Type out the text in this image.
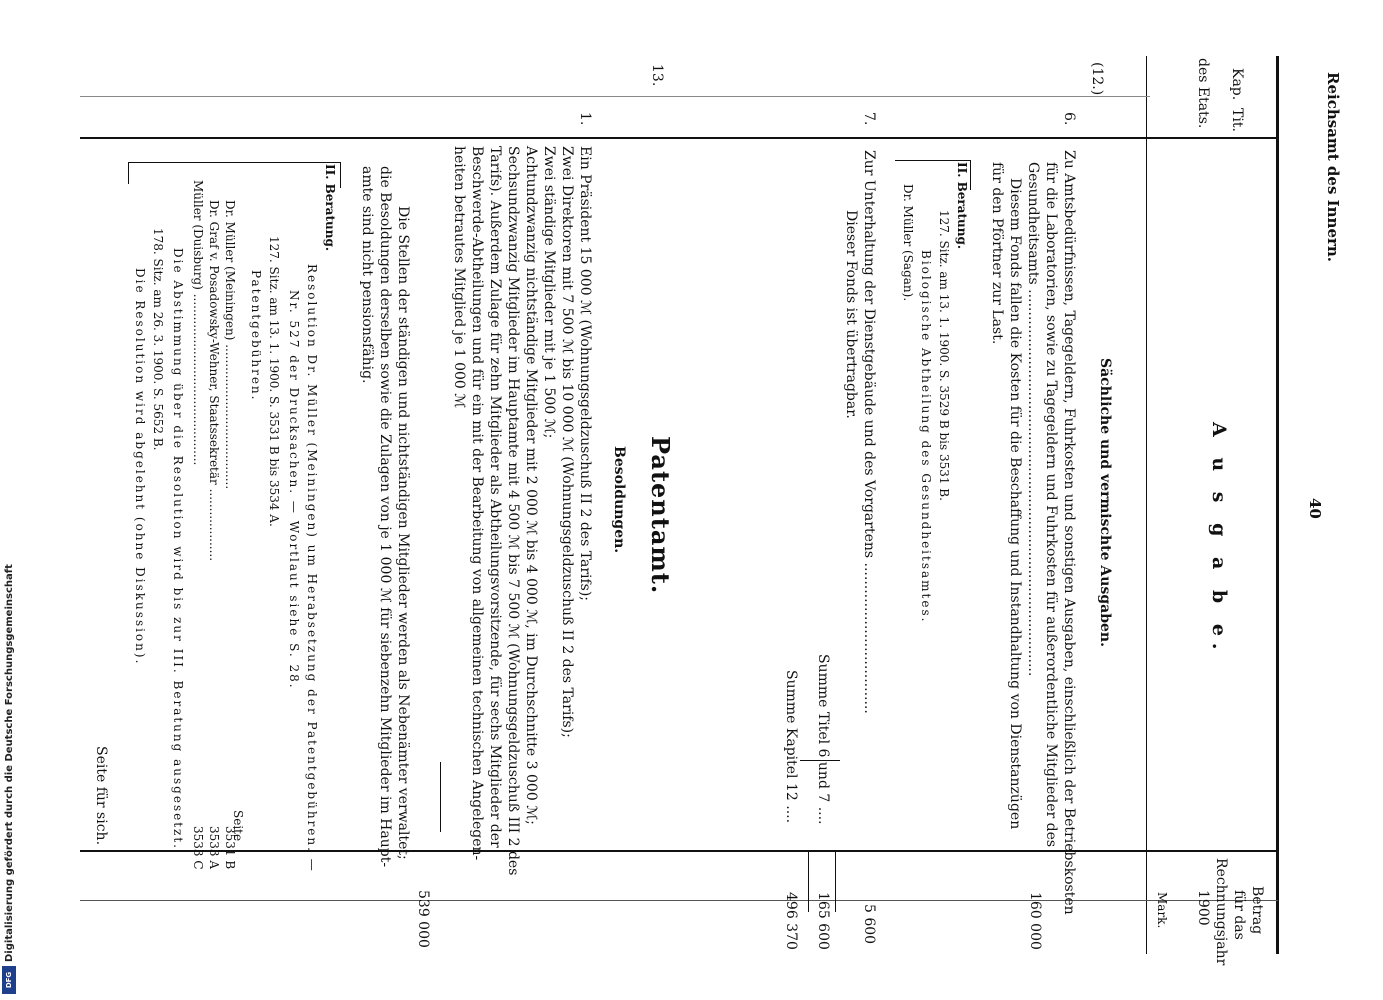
Reichsamt des Innern.
40
A u s g a b e.
Kap.
Tit.
des Etats.
Betrag
für das
Rechnungsjahr
1900
Mark.
(12.)
Sächliche und vermischte Ausgaben.
6.
Zu Amtsbedürfnissen, Tagegeldern, Fuhrkosten und sonstigen Ausgaben, einschließlich der Betriebskosten
für die Laboratorien, sowie zu Tagegeldern und Fuhrkosten für außerordentliche Mitglieder des
Gesundheitsamts .......................................................................................
Diesem Fonds fallen die Kosten für die Beschaffung und Instandhaltung von Dienstanzügen
für den Pförtner zur Last.
160 000
II. Beratung.
127. Sitz. am 13. 1. 1900. S. 3529 B bis 3531 B.
Biologische Abtheilung des Gesundheitsamtes.
Dr. Müller (Sagan).
7.
Zur Unterhaltung der Dienstgebäude und des Vorgartens ..................................
Dieser Fonds ist übertragbar.
5 600
Summe Titel 6 und 7 ....
165 600
Summe Kapitel 12 ....
496 370
13.
Patentamt.
Besoldungen.
1.
Ein Präsident 15 000 ℳ (Wohnungsgeldzuschuß II 2 des Tarifs);
Zwei Direktoren mit 7 500 ℳ bis 10 000 ℳ (Wohnungsgeldzuschuß II 2 des Tarifs);
Zwei ständige Mitglieder mit je 1 500 ℳ;
Achtundzwanzig nichtständige Mitglieder mit 2 000 ℳ bis 4 000 ℳ, im Durchschnitte 3 000 ℳ;
Sechsundzwanzig Mitglieder im Hauptamte mit 4 500 ℳ bis 7 500 ℳ (Wohnungsgeldzuschuß III 2 des
Tarifs). Außerdem Zulage für zehn Mitglieder als Abtheilungsvorsitzende, für sechs Mitglieder der
Beschwerde-Abtheilungen und für ein mit der Bearbeitung von allgemeinen technischen Angelegen-
heiten betrautes Mitglied je 1 000 ℳ
539 000
Die Stellen der ständigen und nichtständigen Mitglieder werden als Nebenämter verwaltet;
die Besoldungen derselben sowie die Zulagen von je 1 000 ℳ für siebenzehn Mitglieder im Haupt-
amte sind nicht pensionsfähig.
II. Beratung.
Resolution Dr. Müller (Meiningen) um Herabsetzung der Patentgebühren. —
Nr. 527 der Drucksachen. — Wortlaut siehe S. 28.
127. Sitz. am 13. 1. 1900. S. 3531 B bis 3534 A.
Patentgebühren.
Seite
Dr. Müller (Meiningen) ......................................
3531 B
Dr. Graf v. Posadowsky-Wehner, Staatssekretär ...................
3533 A
Müller (Duisburg) .............................................
3533 C
Die Abstimmung über die Resolution wird bis zur III. Beratung ausgesetzt.
178. Sitz. am 26. 3. 1900. S. 5652 B.
Die Resolution wird abgelehnt (ohne Diskussion).
Seite für sich.
Digitalisierung gefördert durch die Deutsche Forschungsgemeinschaft
DFG
